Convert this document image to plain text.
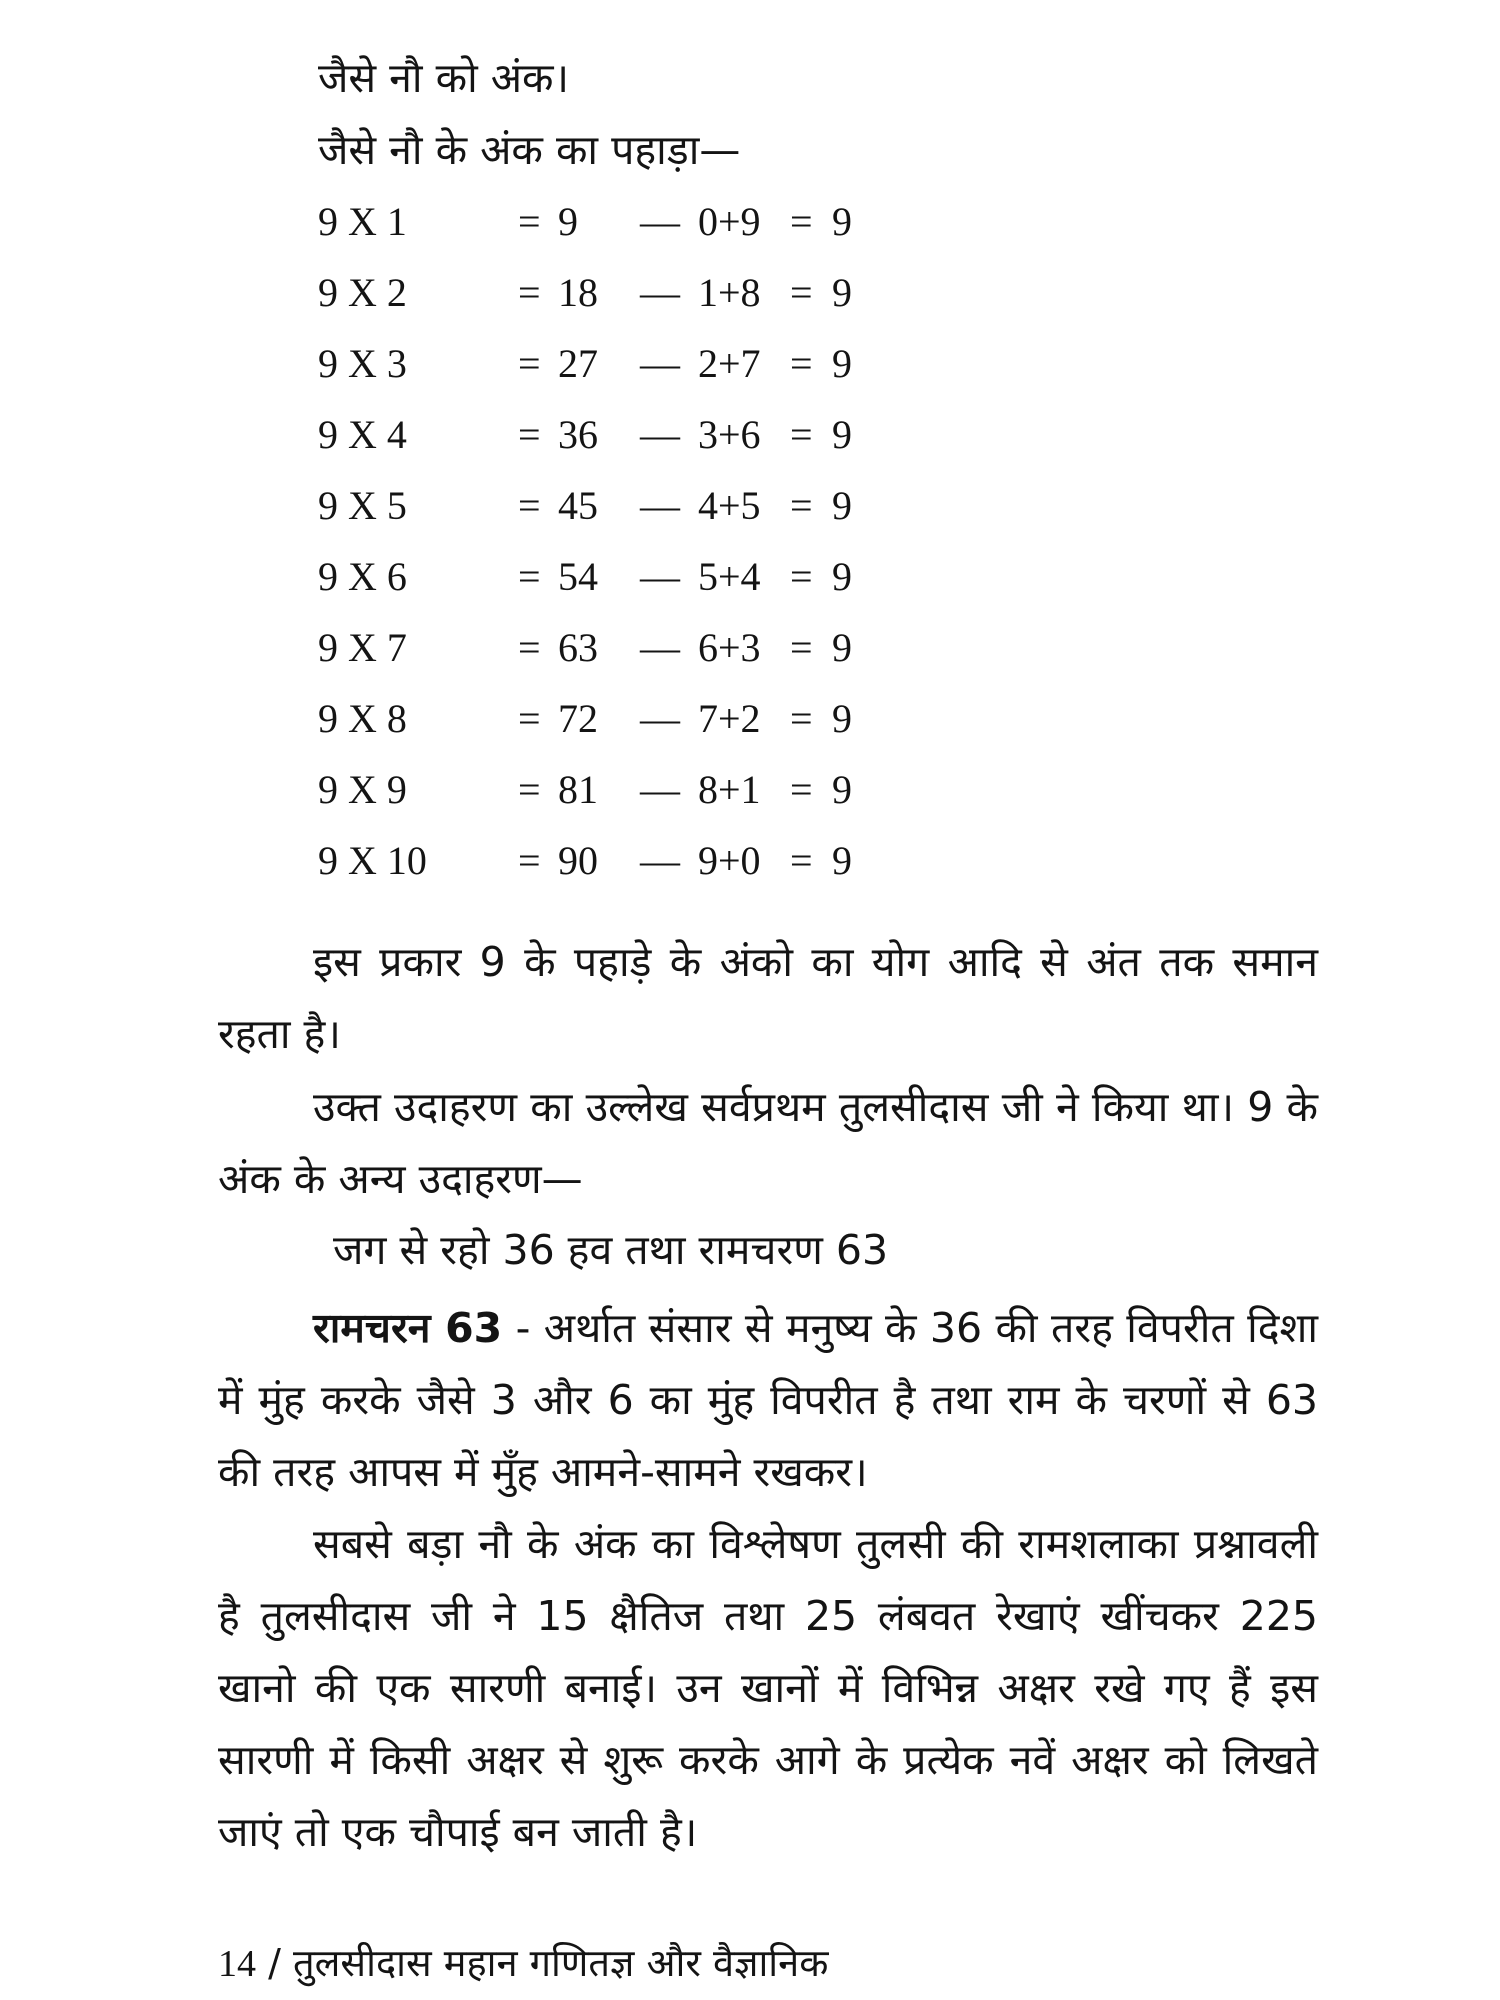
जैसे नौ को अंक।
जैसे नौ के अंक का पहाड़ा—
9 X 1	= 9 — 0+9 = 9
9 X 2	= 18 — 1+8 = 9
9 X 3	= 27 — 2+7 = 9
9 X 4	= 36 — 3+6 = 9
9 X 5	= 45 — 4+5 = 9
9 X 6	= 54 — 5+4 = 9
9 X 7	= 63 — 6+3 = 9
9 X 8	= 72 — 7+2 = 9
9 X 9	= 81 — 8+1 = 9
9 X 10 = 90 — 9+0 = 9
इस प्रकार 9 के पहाड़े के अंको का योग आदि से अंत तक समान रहता है।
उक्त उदाहरण का उल्लेख सर्वप्रथम तुलसीदास जी ने किया था। 9 के अंक के अन्य उदाहरण—
जग से रहो 36 हव तथा रामचरण 63
रामचरन 63 - अर्थात संसार से मनुष्य के 36 की तरह विपरीत दिशा में मुंह करके जैसे 3 और 6 का मुंह विपरीत है तथा राम के चरणों से 63 की तरह आपस में मुँह आमने-सामने रखकर।
सबसे बड़ा नौ के अंक का विश्लेषण तुलसी की रामशलाका प्रश्नावली है तुलसीदास जी ने 15 क्षैतिज तथा 25 लंबवत रेखाएं खींचकर 225 खानो की एक सारणी बनाई। उन खानों में विभिन्न अक्षर रखे गए हैं इस सारणी में किसी अक्षर से शुरू करके आगे के प्रत्येक नवें अक्षर को लिखते जाएं तो एक चौपाई बन जाती है।
14 / तुलसीदास महान गणितज्ञ और वैज्ञानिक
